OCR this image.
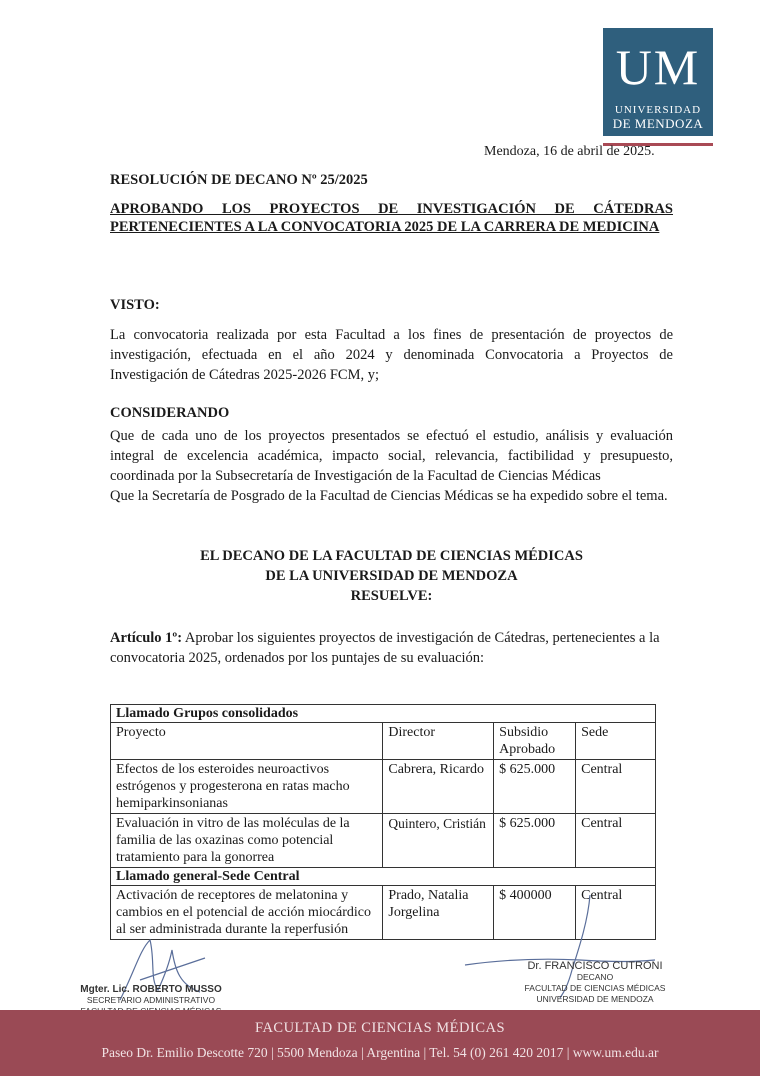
UM
UNIVERSIDAD
DE MENDOZA
Mendoza, 16 de abril de 2025.
RESOLUCIÓN DE DECANO Nº 25/2025
APROBANDO LOS PROYECTOS DE INVESTIGACIÓN DE CÁTEDRAS PERTENECIENTES A LA CONVOCATORIA 2025 DE LA CARRERA DE MEDICINA
VISTO:
La convocatoria realizada por esta Facultad a los fines de presentación de proyectos de investigación, efectuada en el año 2024 y denominada Convocatoria a Proyectos de Investigación de Cátedras 2025-2026 FCM, y;
CONSIDERANDO
Que de cada uno de los proyectos presentados se efectuó el estudio, análisis y evaluación integral de excelencia académica, impacto social, relevancia, factibilidad y presupuesto, coordinada por la Subsecretaría de Investigación de la Facultad de Ciencias Médicas
Que la Secretaría de Posgrado de la Facultad de Ciencias Médicas se ha expedido sobre el tema.
EL DECANO DE LA FACULTAD DE CIENCIAS MÉDICAS
DE LA UNIVERSIDAD DE MENDOZA
RESUELVE:
Artículo 1º: Aprobar los siguientes proyectos de investigación de Cátedras, pertenecientes a la convocatoria 2025, ordenados por los puntajes de su evaluación:
Llamado Grupos consolidados			
Proyecto	Director	Subsidio Aprobado	Sede
Efectos de los esteroides neuroactivos estrógenos y progesterona en ratas macho hemiparkinsonianas	Cabrera, Ricardo	$ 625.000	Central
Evaluación in vitro de las moléculas de la familia de las oxazinas como potencial tratamiento para la gonorrea	Quintero, Cristián	$ 625.000	Central
Llamado general-Sede Central			
Activación de receptores de melatonina y cambios en el potencial de acción miocárdico al ser administrada durante la reperfusión	Prado, Natalia Jorgelina	$ 400000	Central
Mgter. Lic. ROBERTO MUSSO
SECRETARIO ADMINISTRATIVO
Dr. FRANCISCO CUTRONI
DECANO
FACULTAD DE CIENCIAS MÉDICAS
UNIVERSIDAD DE MENDOZA
FACULTAD DE CIENCIAS MÉDICAS
Paseo Dr. Emilio Descotte 720 | 5500 Mendoza | Argentina | Tel. 54 (0) 261 420 2017 | www.um.edu.ar
